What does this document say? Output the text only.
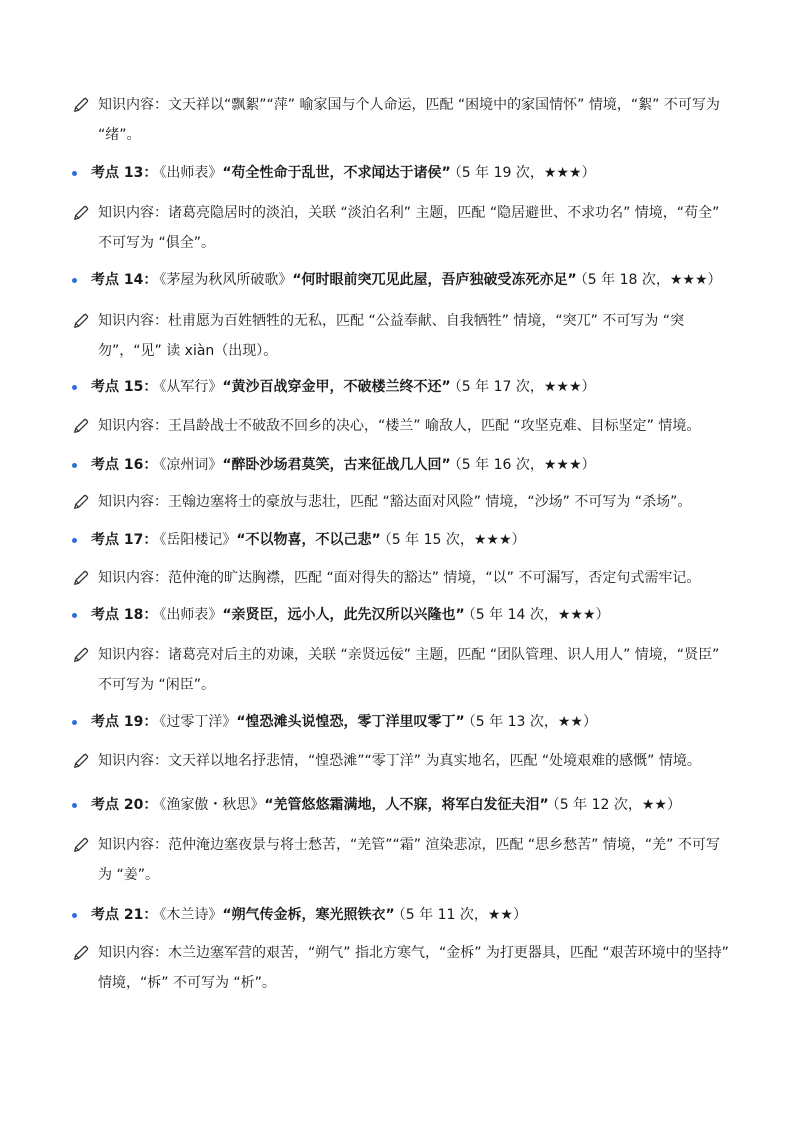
知识内容：文天祥以“飘絮”“萍” 喻家国与个人命运，匹配 “困境中的家国情怀” 情境，“絮” 不可写为 “绪”。
考点 13： 《出师表》“苟全性命于乱世，不求闻达于诸侯” （5 年 19 次，★★★）
知识内容：诸葛亮隐居时的淡泊，关联 “淡泊名利” 主题，匹配 “隐居避世、不求功名” 情境，“苟全” 不可写为 “俱全”。
考点 14： 《茅屋为秋风所破歌》“何时眼前突兀见此屋，吾庐独破受冻死亦足” （5 年 18 次，★★★）
知识内容：杜甫愿为百姓牺牲的无私，匹配 “公益奉献、自我牺牲” 情境，“突兀” 不可写为 “突勿”，“见” 读 xiàn（出现）。
考点 15： 《从军行》“黄沙百战穿金甲，不破楼兰终不还” （5 年 17 次，★★★）
知识内容：王昌龄战士不破敌不回乡的决心，“楼兰” 喻敌人，匹配 “攻坚克难、目标坚定” 情境。
考点 16： 《凉州词》“醉卧沙场君莫笑，古来征战几人回” （5 年 16 次，★★★）
知识内容：王翰边塞将士的豪放与悲壮，匹配 “豁达面对风险” 情境，“沙场” 不可写为 “杀场”。
考点 17： 《岳阳楼记》“不以物喜，不以己悲” （5 年 15 次，★★★）
知识内容：范仲淹的旷达胸襟，匹配 “面对得失的豁达” 情境，“以” 不可漏写，否定句式需牢记。
考点 18： 《出师表》“亲贤臣，远小人，此先汉所以兴隆也” （5 年 14 次，★★★）
知识内容：诸葛亮对后主的劝谏，关联 “亲贤远佞” 主题，匹配 “团队管理、识人用人” 情境，“贤臣” 不可写为 “闲臣”。
考点 19： 《过零丁洋》“惶恐滩头说惶恐，零丁洋里叹零丁” （5 年 13 次，★★）
知识内容：文天祥以地名抒悲情，“惶恐滩”“零丁洋” 为真实地名，匹配 “处境艰难的感慨” 情境。
考点 20： 《渔家傲・秋思》“羌管悠悠霜满地，人不寐，将军白发征夫泪” （5 年 12 次，★★）
知识内容：范仲淹边塞夜景与将士愁苦，“羌管”“霜” 渲染悲凉，匹配 “思乡愁苦” 情境，“羌” 不可写为 “姜”。
考点 21： 《木兰诗》“朔气传金柝，寒光照铁衣” （5 年 11 次，★★）
知识内容：木兰边塞军营的艰苦，“朔气” 指北方寒气，“金柝” 为打更器具，匹配 “艰苦环境中的坚持” 情境，“柝” 不可写为 “析”。
